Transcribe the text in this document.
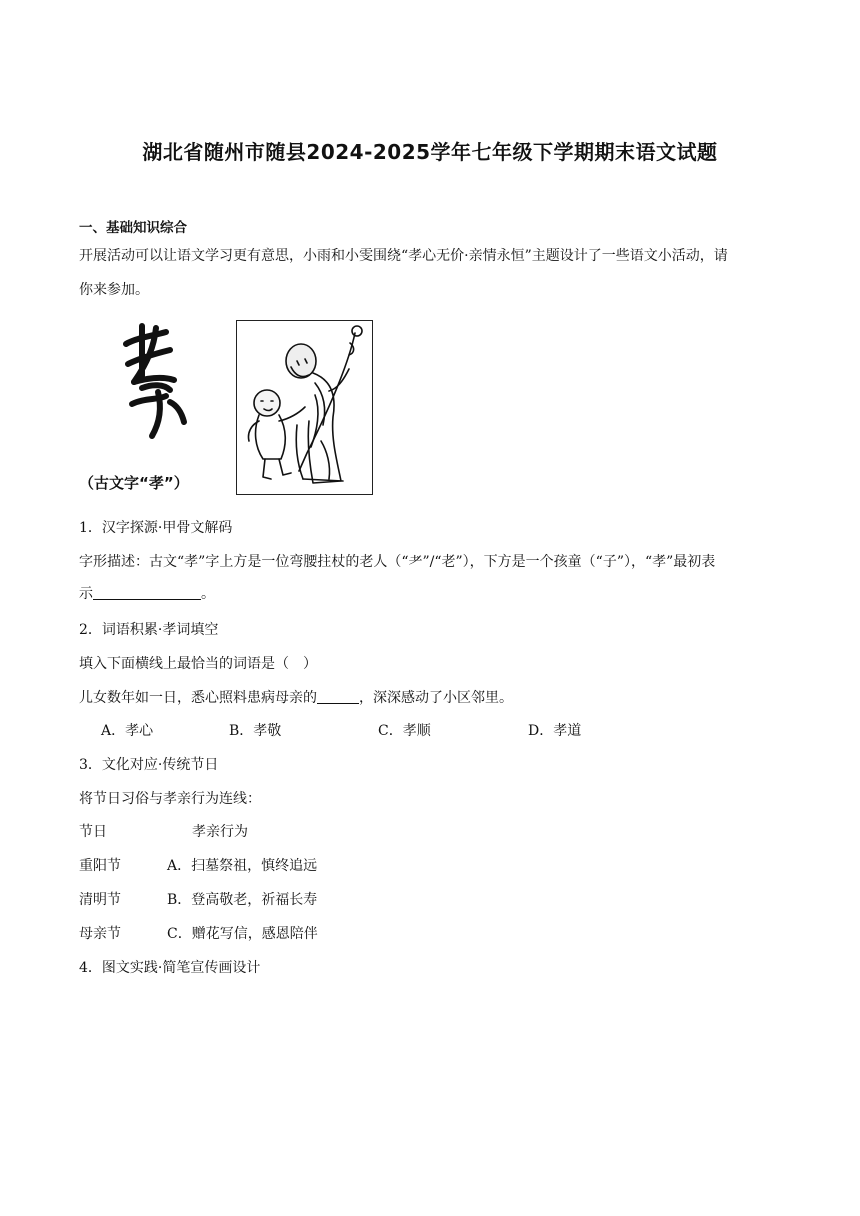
湖北省随州市随县2024-2025学年七年级下学期期末语文试题
一、基础知识综合
开展活动可以让语文学习更有意思，小雨和小雯围绕“孝心无价·亲情永恒”主题设计了一些语文小活动，请
你来参加。
（古文字“孝”）
1．汉字探源·甲骨文解码
字形描述：古文“孝”字上方是一位弯腰拄杖的老人（“耂”/“老”），下方是一个孩童（“子”），“孝”最初表
示	。
2．词语积累·孝词填空
填入下面横线上最恰当的词语是（　）
儿女数年如一日，悉心照料患病母亲的	，深深感动了小区邻里。
A．孝心	B．孝敬	C．孝顺	D．孝道
3．文化对应·传统节日
将节日习俗与孝亲行为连线：
节日	孝亲行为
重阳节	A．扫墓祭祖，慎终追远
清明节	B．登高敬老，祈福长寿
母亲节	C．赠花写信，感恩陪伴
4．图文实践·简笔宣传画设计
